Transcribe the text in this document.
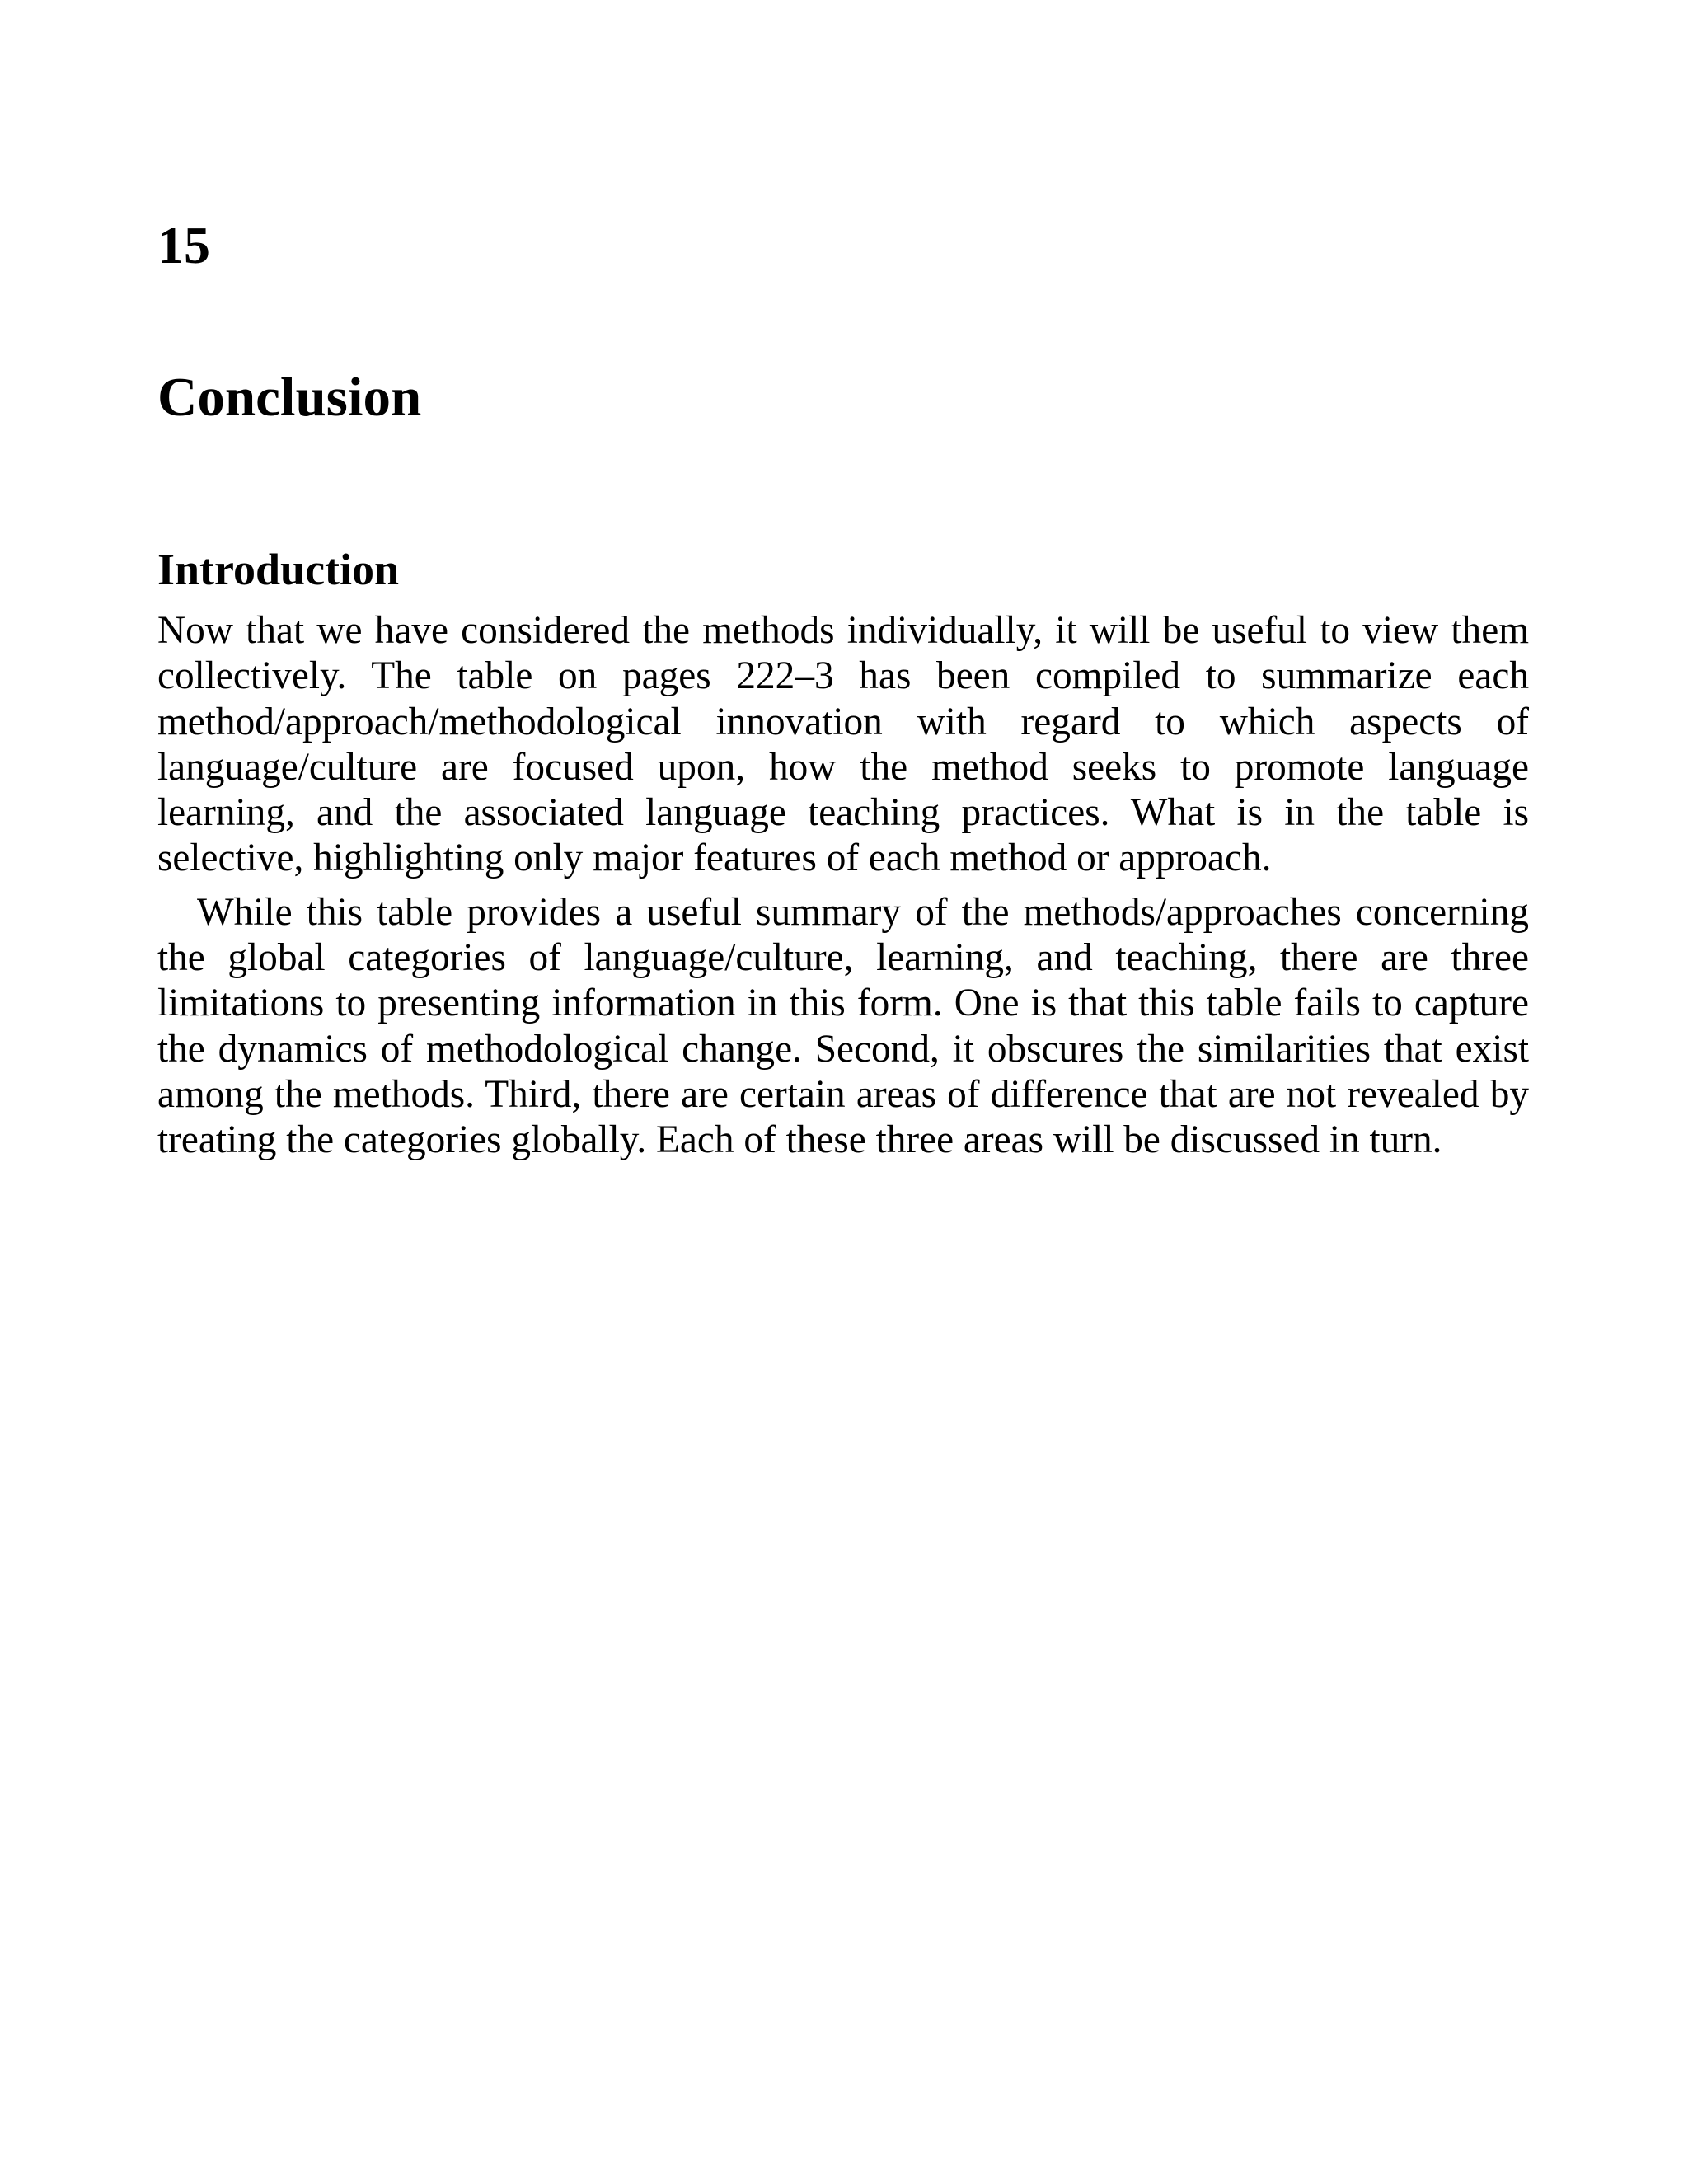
15
Conclusion
Introduction

Now that we have considered the methods individually, it will be useful to view them collectively. The table on pages 222–3 has been compiled to summarize each method/approach/methodological innovation with regard to which aspects of language/culture are focused upon, how the method seeks to promote language learning, and the associated language teaching practices. What is in the table is selective, highlighting only major features of each method or approach.

While this table provides a useful summary of the methods/approaches concerning the global categories of language/culture, learning, and teaching, there are three limitations to presenting information in this form. One is that this table fails to capture the dynamics of methodological change. Second, it obscures the similarities that exist among the methods. Third, there are certain areas of difference that are not revealed by treating the categories globally. Each of these three areas will be discussed in turn.
